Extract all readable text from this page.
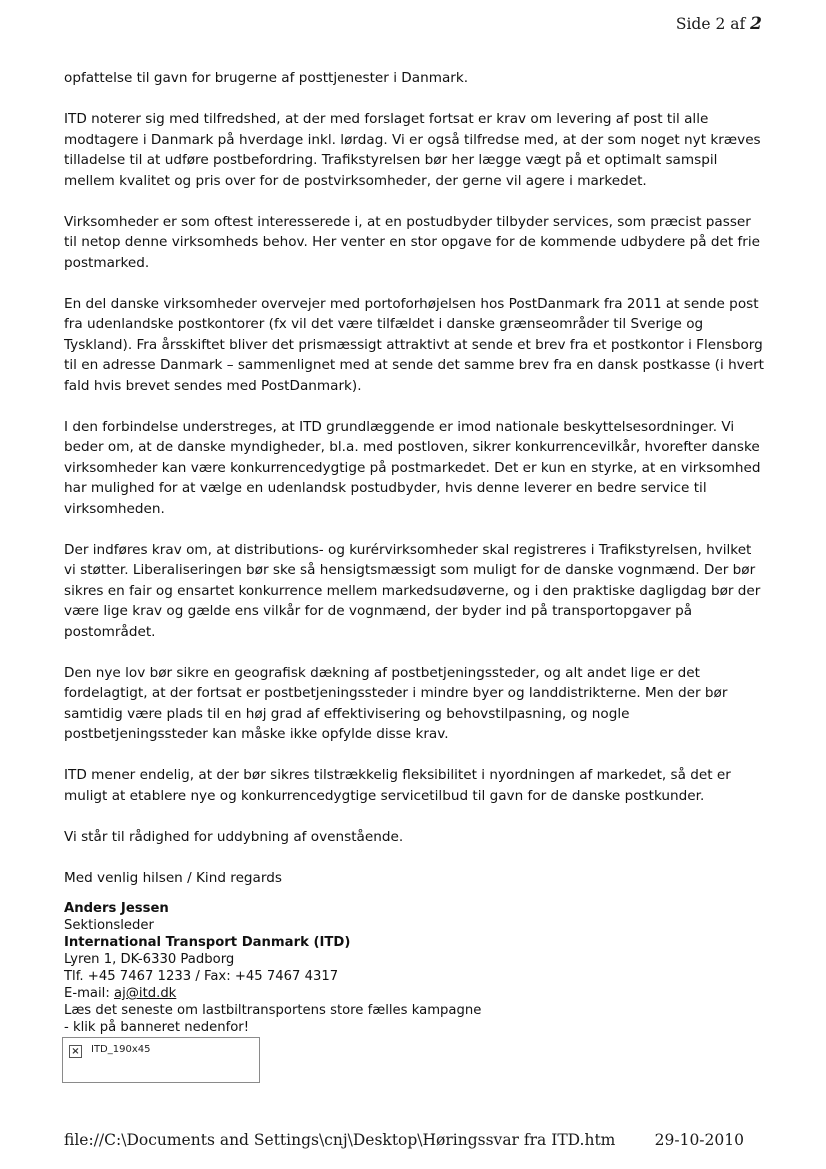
Side 2 af 2

opfattelse til gavn for brugerne af posttjenester i Danmark.

ITD noterer sig med tilfredshed, at der med forslaget fortsat er krav om levering af post til alle modtagere i Danmark på hverdage inkl. lørdag. Vi er også tilfredse med, at der som noget nyt kræves tilladelse til at udføre postbefordring. Trafikstyrelsen bør her lægge vægt på et optimalt samspil mellem kvalitet og pris over for de postvirksomheder, der gerne vil agere i markedet.

Virksomheder er som oftest interesserede i, at en postudbyder tilbyder services, som præcist passer til netop denne virksomheds behov. Her venter en stor opgave for de kommende udbydere på det frie postmarked.

En del danske virksomheder overvejer med portoforhøjelsen hos PostDanmark fra 2011 at sende post fra udenlandske postkontorer (fx vil det være tilfældet i danske grænseområder til Sverige og Tyskland). Fra årsskiftet bliver det prismæssigt attraktivt at sende et brev fra et postkontor i Flensborg til en adresse Danmark – sammenlignet med at sende det samme brev fra en dansk postkasse (i hvert fald hvis brevet sendes med PostDanmark).

I den forbindelse understreges, at ITD grundlæggende er imod nationale beskyttelsesordninger. Vi beder om, at de danske myndigheder, bl.a. med postloven, sikrer konkurrencevilkår, hvorefter danske virksomheder kan være konkurrencedygtige på postmarkedet. Det er kun en styrke, at en virksomhed har mulighed for at vælge en udenlandsk postudbyder, hvis denne leverer en bedre service til virksomheden.

Der indføres krav om, at distributions- og kurérvirksomheder skal registreres i Trafikstyrelsen, hvilket vi støtter. Liberaliseringen bør ske så hensigtsmæssigt som muligt for de danske vognmænd. Der bør sikres en fair og ensartet konkurrence mellem markedsudøverne, og i den praktiske dagligdag bør der være lige krav og gælde ens vilkår for de vognmænd, der byder ind på transportopgaver på postområdet.

Den nye lov bør sikre en geografisk dækning af postbetjeningssteder, og alt andet lige er det fordelagtigt, at der fortsat er postbetjeningssteder i mindre byer og landdistrikterne. Men der bør samtidig være plads til en høj grad af effektivisering og behovstilpasning, og nogle postbetjeningssteder kan måske ikke opfylde disse krav.

ITD mener endelig, at der bør sikres tilstrækkelig fleksibilitet i nyordningen af markedet, så det er muligt at etablere nye og konkurrencedygtige servicetilbud til gavn for de danske postkunder.

Vi står til rådighed for uddybning af ovenstående.

Med venlig hilsen / Kind regards

Anders Jessen
Sektionsleder
International Transport Danmark (ITD)
Lyren 1, DK-6330 Padborg
Tlf. +45 7467 1233 / Fax: +45 7467 4317
E-mail: aj@itd.dk
Læs det seneste om lastbiltransportens store fælles kampagne
- klik på banneret nedenfor!
× ITD_190x45
file://C:\Documents and Settings\cnj\Desktop\Høringssvar fra ITD.htm	29-10-2010
